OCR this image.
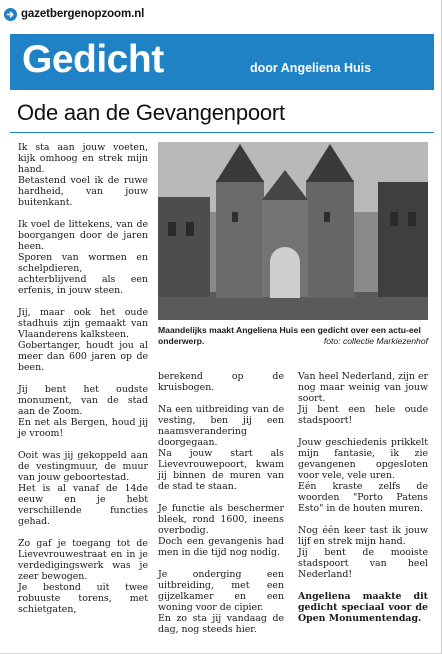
gazetbergenopzoom.nl
Gedicht	door Angeliena Huis
Ode aan de Gevangenpoort

Ik sta aan jouw voeten, kijk omhoog en strek mijn hand.
Betastend voel ik de ruwe hardheid, van jouw buitenkant.

Ik voel de littekens, van de boorgangen door de jaren heen.
Sporen van wormen en schelpdieren, achterblijvend als een erfenis, in jouw steen.

Jij, maar ook het oude stadhuis zijn gemaakt van Vlaanderens kalksteen.
Gobertanger, houdt jou al meer dan 600 jaren op de been.

Jij bent het oudste monument, van de stad aan de Zoom.
En net als Bergen, houd jij je vroom!

Ooit was jij gekoppeld aan de vestingmuur, de muur van jouw geboortestad.
Het is al vanaf de 14de eeuw en je hebt verschillende functies gehad.

Zo gaf je toegang tot de Lievevrouwestraat en in je verdedigingswerk was je zeer bewogen.
Je bestond uit twee robuuste torens, met schietgaten,

Maandelijks maakt Angeliena Huis een gedicht over een actu-eel onderwerp.	foto: collectie Markiezenhof

berekend op de kruisbogen.

Na een uitbreiding van de vesting, ben jij een naamsverandering doorgegaan.
Na jouw start als Lievevrouwepoort, kwam jij binnen de muren van de stad te staan.

Je functie als beschermer bleek, rond 1600, ineens overbodig.
Doch een gevangenis had men in die tijd nog nodig.

Je onderging een uitbreiding, met een gijzelkamer en een woning voor de cipier.
En zo sta jij vandaag de dag, nog steeds hier.

Van heel Nederland, zijn er nog maar weinig van jouw soort.
Jij bent een hele oude stadspoort!

Jouw geschiedenis prikkelt mijn fantasie, ik zie gevangenen opgesloten voor vele, vele uren.
Eén kraste zelfs de woorden "Porto Patens Esto" in de houten muren.

Nog één keer tast ik jouw lijf en strek mijn hand.
Jij bent de mooiste stadspoort van heel Nederland!

Angeliena maakte dit gedicht speciaal voor de Open Monumentendag.
